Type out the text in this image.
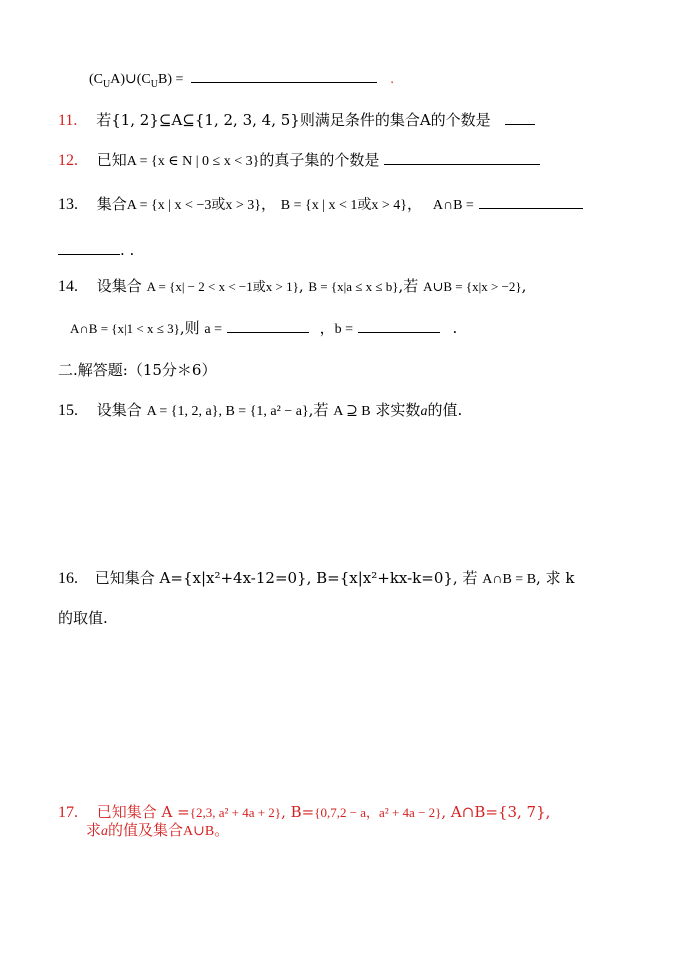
$(C_UA)\cup(C_UB)$ =	.
11. 若{1, 2}⊆A⊆{1, 2, 3, 4, 5}则满足条件的集合A的个数是
12. 已知A = {x ∈ N | 0 ≤ x < 3}的真子集的个数是
13. 集合A = {x | x < −3或x > 3}， B = {x | x < 1或x > 4}， A∩B =
. .
14. 设集合 A = {x| − 2 < x < −1或x > 1}, B = {x|a ≤ x ≤ b},若 A∪B = {x|x > −2},
A∩B = {x|1 < x ≤ 3},则 a =	，b =	.
二.解答题:（15分＊6）
15. 设集合 A = {1, 2, a}, B = {1, a² − a},若 A ⊇ B 求实数a的值.
16. 已知集合 A={x|x²+4x-12=0}, B={x|x²+kx-k=0}, 若 A∩B = B, 求 k
的取值.
17. 已知集合 A ={2,3, a² + 4a + 2}, B={0,7,2 − a，a² + 4a − 2}, A∩B={3, 7},
求a的值及集合A∪B。
